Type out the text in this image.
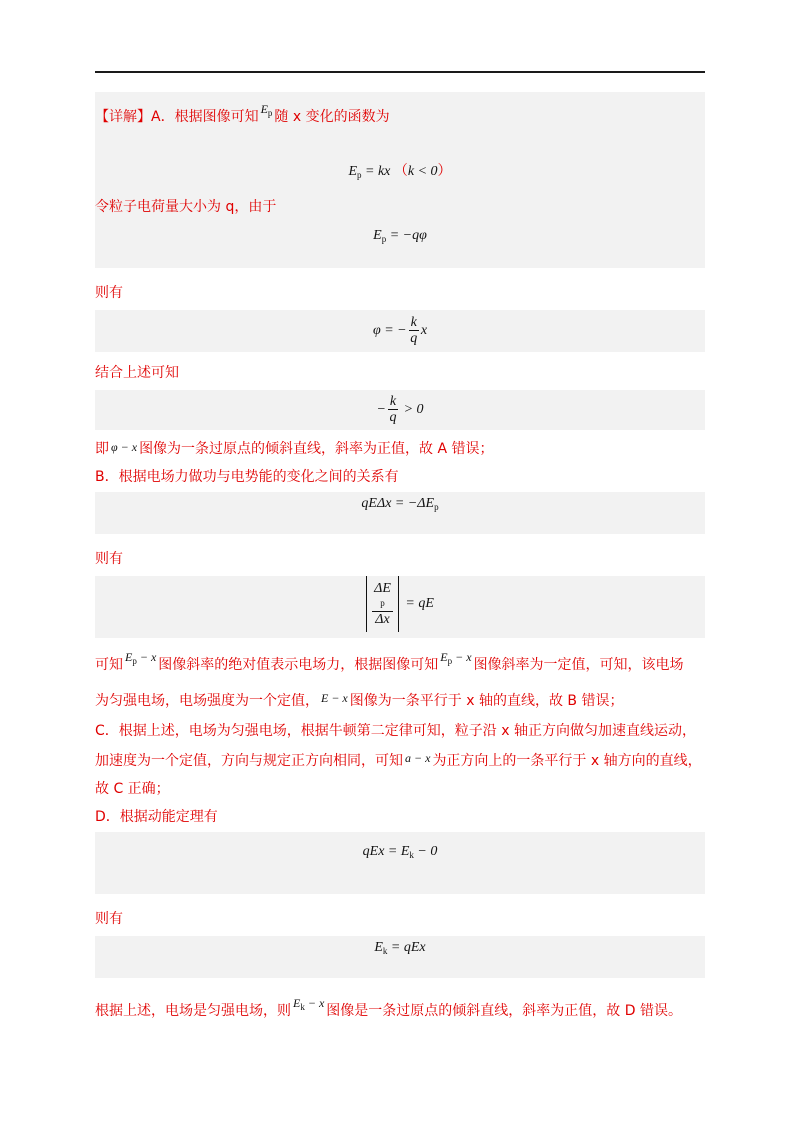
【详解】A．根据图像可知 $E_p$ 随 x 变化的函数为

$E_p$ = kx （k < 0）

令粒子电荷量大小为 q，由于

$E_p = -q\varphi$

则有

φ = − $\frac{k}{q}$ x

结合上述可知

− $\frac{k}{q} > 0$

即 φ − x 图像为一条过原点的倾斜直线，斜率为正值，故 A 错误；

B．根据电场力做功与电势能的变化之间的关系有

$qE\Delta x = -\Delta E_p$

则有

ΔE
p
Δx = qE

可知 $E_p - x$ 图像斜率的绝对值表示电场力，根据图像可知 $E_p - x$ 图像斜率为一定值，可知，该电场

为匀强电场，电场强度为一个定值， E − x 图像为一条平行于 x 轴的直线，故 B 错误；

C．根据上述，电场为匀强电场，根据牛顿第二定律可知，粒子沿 x 轴正方向做匀加速直线运动，

加速度为一个定值，方向与规定正方向相同，可知 a − x 为正方向上的一条平行于 x 轴方向的直线，

故 C 正确；

D．根据动能定理有

qEx = $E_k - 0$

则有

$E_k$ = qEx

根据上述，电场是匀强电场，则 $E_k - x$ 图像是一条过原点的倾斜直线，斜率为正值，故 D 错误。
